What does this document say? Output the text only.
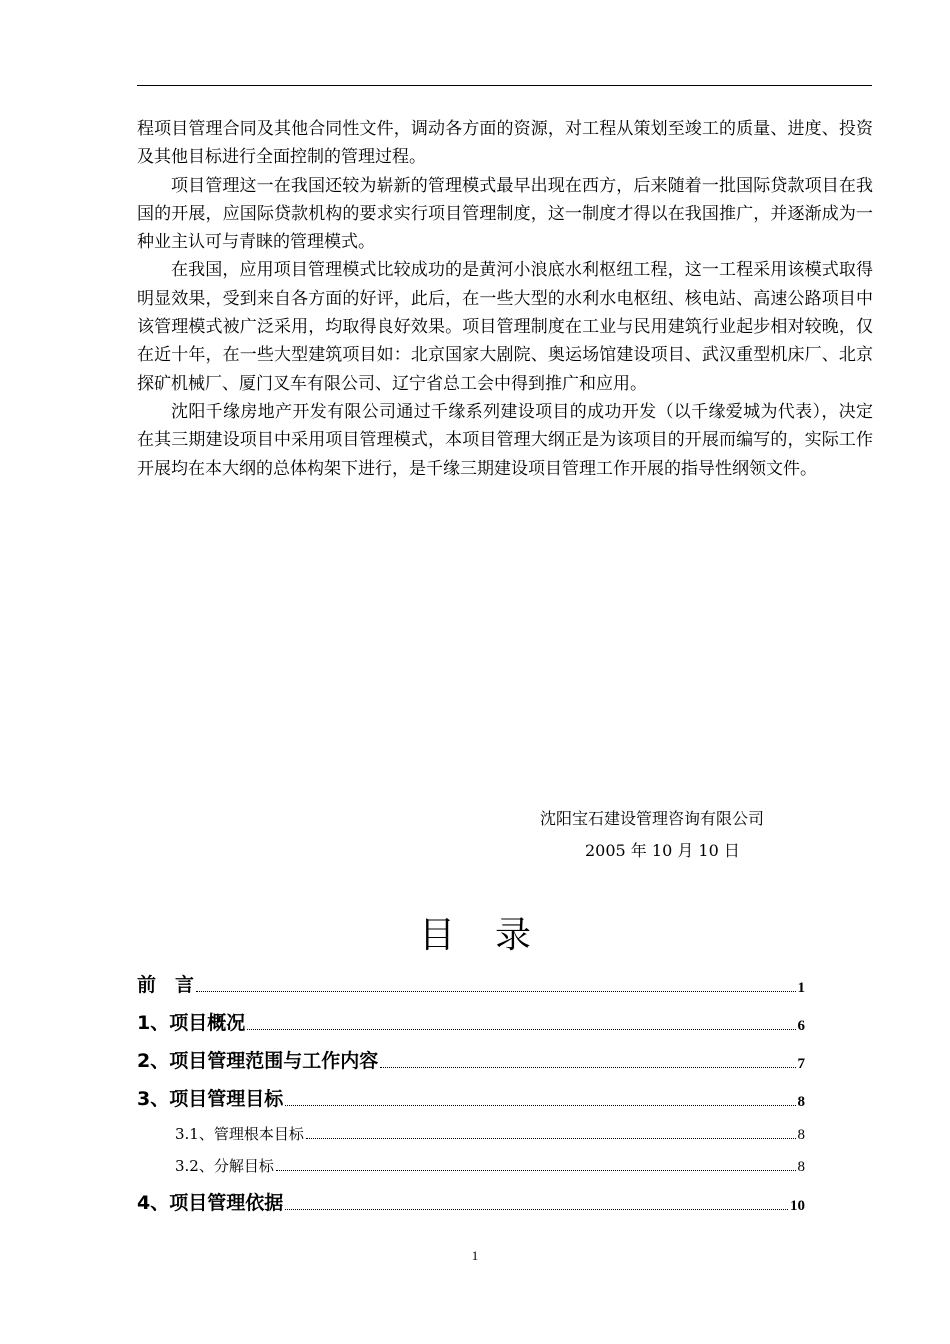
程项目管理合同及其他合同性文件，调动各方面的资源，对工程从策划至竣工的质量、进度、投资及其他目标进行全面控制的管理过程。

项目管理这一在我国还较为崭新的管理模式最早出现在西方，后来随着一批国际贷款项目在我国的开展，应国际贷款机构的要求实行项目管理制度，这一制度才得以在我国推广，并逐渐成为一种业主认可与青睐的管理模式。

在我国，应用项目管理模式比较成功的是黄河小浪底水利枢纽工程，这一工程采用该模式取得明显效果，受到来自各方面的好评，此后，在一些大型的水利水电枢纽、核电站、高速公路项目中该管理模式被广泛采用，均取得良好效果。项目管理制度在工业与民用建筑行业起步相对较晚，仅在近十年，在一些大型建筑项目如：北京国家大剧院、奥运场馆建设项目、武汉重型机床厂、北京探矿机械厂、厦门叉车有限公司、辽宁省总工会中得到推广和应用。

沈阳千缘房地产开发有限公司通过千缘系列建设项目的成功开发（以千缘爱城为代表），决定在其三期建设项目中采用项目管理模式，本项目管理大纲正是为该项目的开展而编写的，实际工作开展均在本大纲的总体构架下进行，是千缘三期建设项目管理工作开展的指导性纲领文件。

沈阳宝石建设管理咨询有限公司
2005 年 10 月 10 日
目录
前　言	1
1、项目概况	6
2、项目管理范围与工作内容	7
3、项目管理目标	8
3.1、管理根本目标	8
3.2、分解目标	8
4、项目管理依据	10
1
